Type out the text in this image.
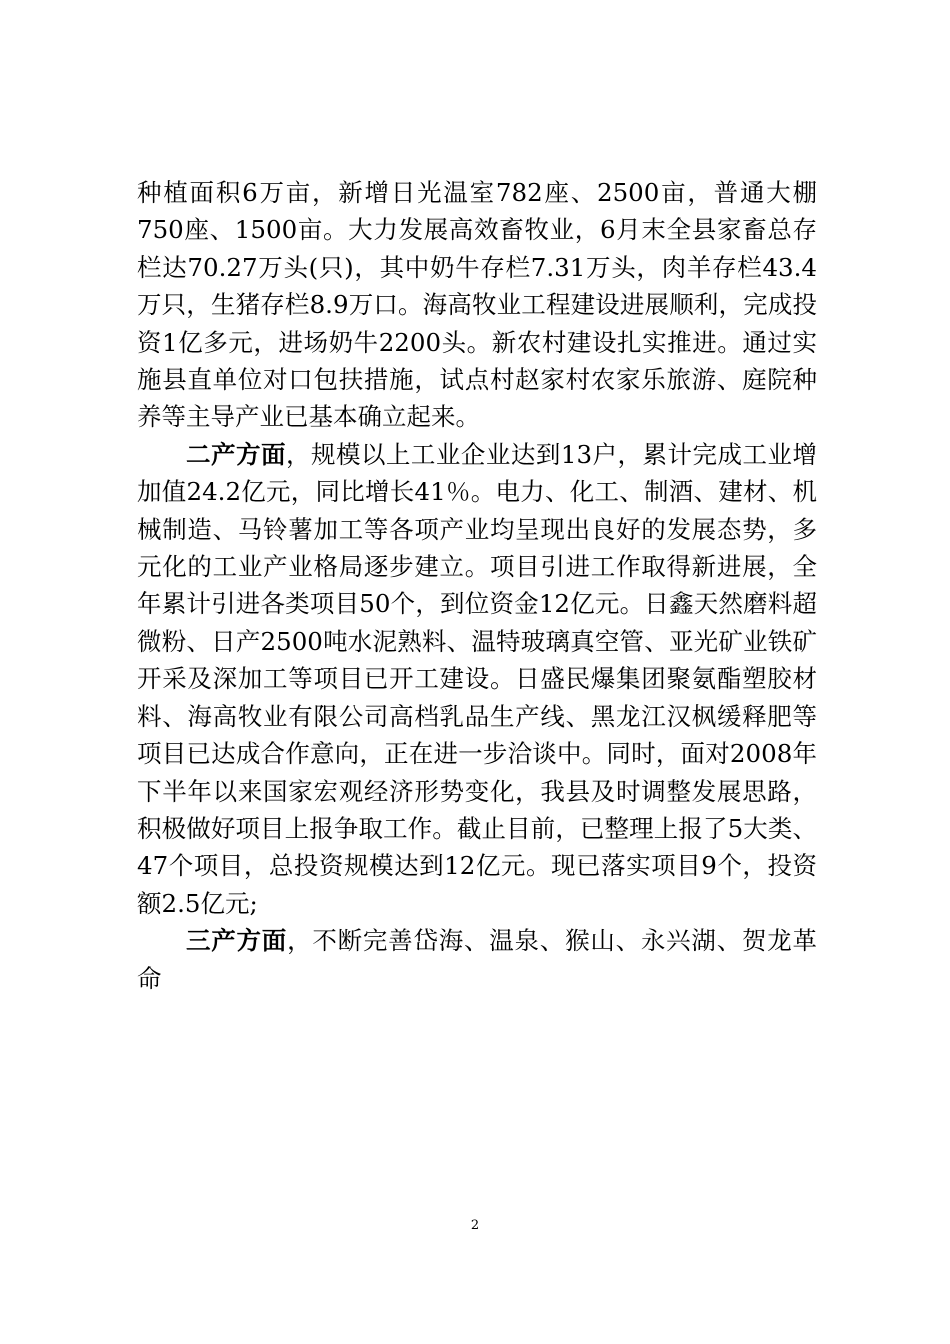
种植面积6万亩，新增日光温室782座、2500亩，普通大棚750座、1500亩。大力发展高效畜牧业，6月末全县家畜总存栏达70.27万头(只)，其中奶牛存栏7.31万头，肉羊存栏43.4万只，生猪存栏8.9万口。海高牧业工程建设进展顺利，完成投资1亿多元，进场奶牛2200头。新农村建设扎实推进。通过实施县直单位对口包扶措施，试点村赵家村农家乐旅游、庭院种养等主导产业已基本确立起来。

二产方面，规模以上工业企业达到13户，累计完成工业增加值24.2亿元，同比增长41％。电力、化工、制酒、建材、机械制造、马铃薯加工等各项产业均呈现出良好的发展态势，多元化的工业产业格局逐步建立。项目引进工作取得新进展，全年累计引进各类项目50个，到位资金12亿元。日鑫天然磨料超微粉、日产2500吨水泥熟料、温特玻璃真空管、亚光矿业铁矿开采及深加工等项目已开工建设。日盛民爆集团聚氨酯塑胶材料、海高牧业有限公司高档乳品生产线、黑龙江汉枫缓释肥等项目已达成合作意向，正在进一步洽谈中。同时，面对2008年下半年以来国家宏观经济形势变化，我县及时调整发展思路，积极做好项目上报争取工作。截止目前，已整理上报了5大类、47个项目，总投资规模达到12亿元。现已落实项目9个，投资额2.5亿元;

三产方面，不断完善岱海、温泉、猴山、永兴湖、贺龙革命

2
